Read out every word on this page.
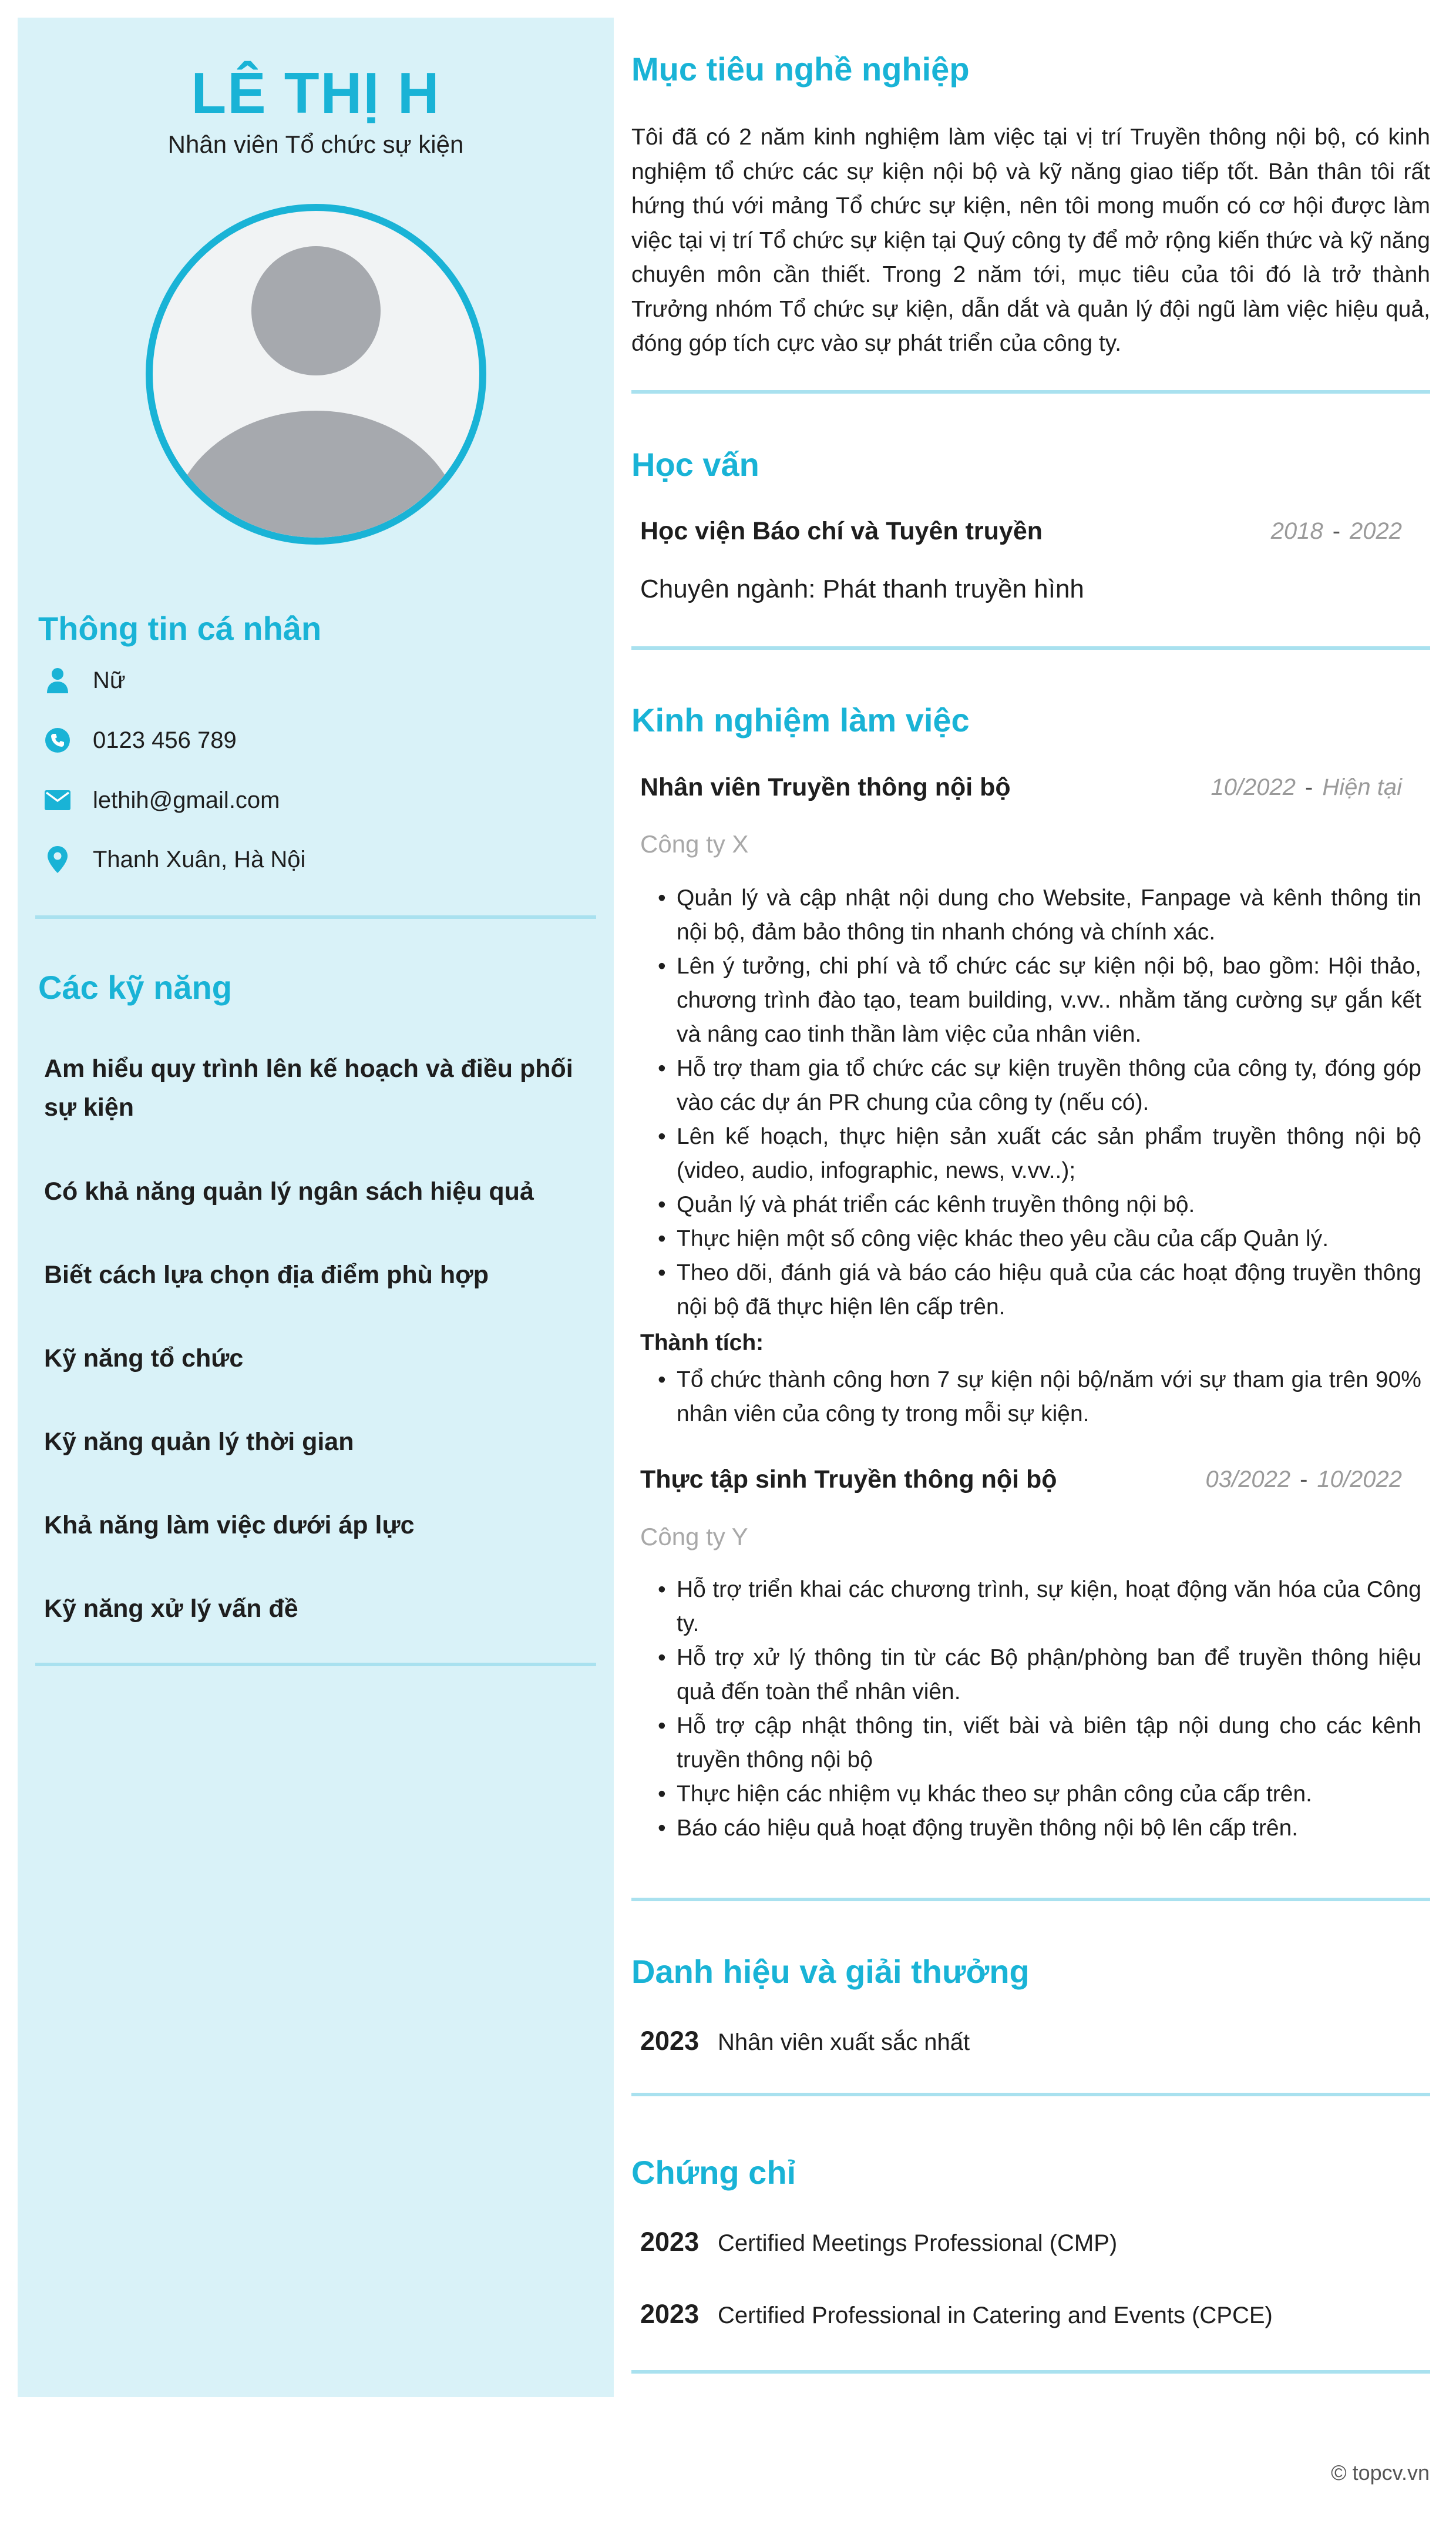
LÊ THỊ H
Nhân viên Tổ chức sự kiện
Thông tin cá nhân
Nữ
0123 456 789
lethih@gmail.com
Thanh Xuân, Hà Nội
Các kỹ năng
Am hiểu quy trình lên kế hoạch và điều phối sự kiện
Có khả năng quản lý ngân sách hiệu quả
Biết cách lựa chọn địa điểm phù hợp
Kỹ năng tổ chức
Kỹ năng quản lý thời gian
Khả năng làm việc dưới áp lực
Kỹ năng xử lý vấn đề
Mục tiêu nghề nghiệp
Tôi đã có 2 năm kinh nghiệm làm việc tại vị trí Truyền thông nội bộ, có kinh nghiệm tổ chức các sự kiện nội bộ và kỹ năng giao tiếp tốt. Bản thân tôi rất hứng thú với mảng Tổ chức sự kiện, nên tôi mong muốn có cơ hội được làm việc tại vị trí Tổ chức sự kiện tại Quý công ty để mở rộng kiến thức và kỹ năng chuyên môn cần thiết. Trong 2 năm tới, mục tiêu của tôi đó là trở thành Trưởng nhóm Tổ chức sự kiện, dẫn dắt và quản lý đội ngũ làm việc hiệu quả, đóng góp tích cực vào sự phát triển của công ty.
Học vấn
Học viện Báo chí và Tuyên truyền	2018 - 2022
Chuyên ngành: Phát thanh truyền hình
Kinh nghiệm làm việc
Nhân viên Truyền thông nội bộ	10/2022 - Hiện tại
Công ty X
• Quản lý và cập nhật nội dung cho Website, Fanpage và kênh thông tin nội bộ, đảm bảo thông tin nhanh chóng và chính xác.
• Lên ý tưởng, chi phí và tổ chức các sự kiện nội bộ, bao gồm: Hội thảo, chương trình đào tạo, team building, v.vv.. nhằm tăng cường sự gắn kết và nâng cao tinh thần làm việc của nhân viên.
• Hỗ trợ tham gia tổ chức các sự kiện truyền thông của công ty, đóng góp vào các dự án PR chung của công ty (nếu có).
• Lên kế hoạch, thực hiện sản xuất các sản phẩm truyền thông nội bộ (video, audio, infographic, news, v.vv..);
• Quản lý và phát triển các kênh truyền thông nội bộ.
• Thực hiện một số công việc khác theo yêu cầu của cấp Quản lý.
• Theo dõi, đánh giá và báo cáo hiệu quả của các hoạt động truyền thông nội bộ đã thực hiện lên cấp trên.
Thành tích:
• Tổ chức thành công hơn 7 sự kiện nội bộ/năm với sự tham gia trên 90% nhân viên của công ty trong mỗi sự kiện.
Thực tập sinh Truyền thông nội bộ	03/2022 - 10/2022
Công ty Y
• Hỗ trợ triển khai các chương trình, sự kiện, hoạt động văn hóa của Công ty.
• Hỗ trợ xử lý thông tin từ các Bộ phận/phòng ban để truyền thông hiệu quả đến toàn thể nhân viên.
• Hỗ trợ cập nhật thông tin, viết bài và biên tập nội dung cho các kênh truyền thông nội bộ
• Thực hiện các nhiệm vụ khác theo sự phân công của cấp trên.
• Báo cáo hiệu quả hoạt động truyền thông nội bộ lên cấp trên.
Danh hiệu và giải thưởng
2023 Nhân viên xuất sắc nhất
Chứng chỉ
2023 Certified Meetings Professional (CMP)
2023 Certified Professional in Catering and Events (CPCE)
© topcv.vn
